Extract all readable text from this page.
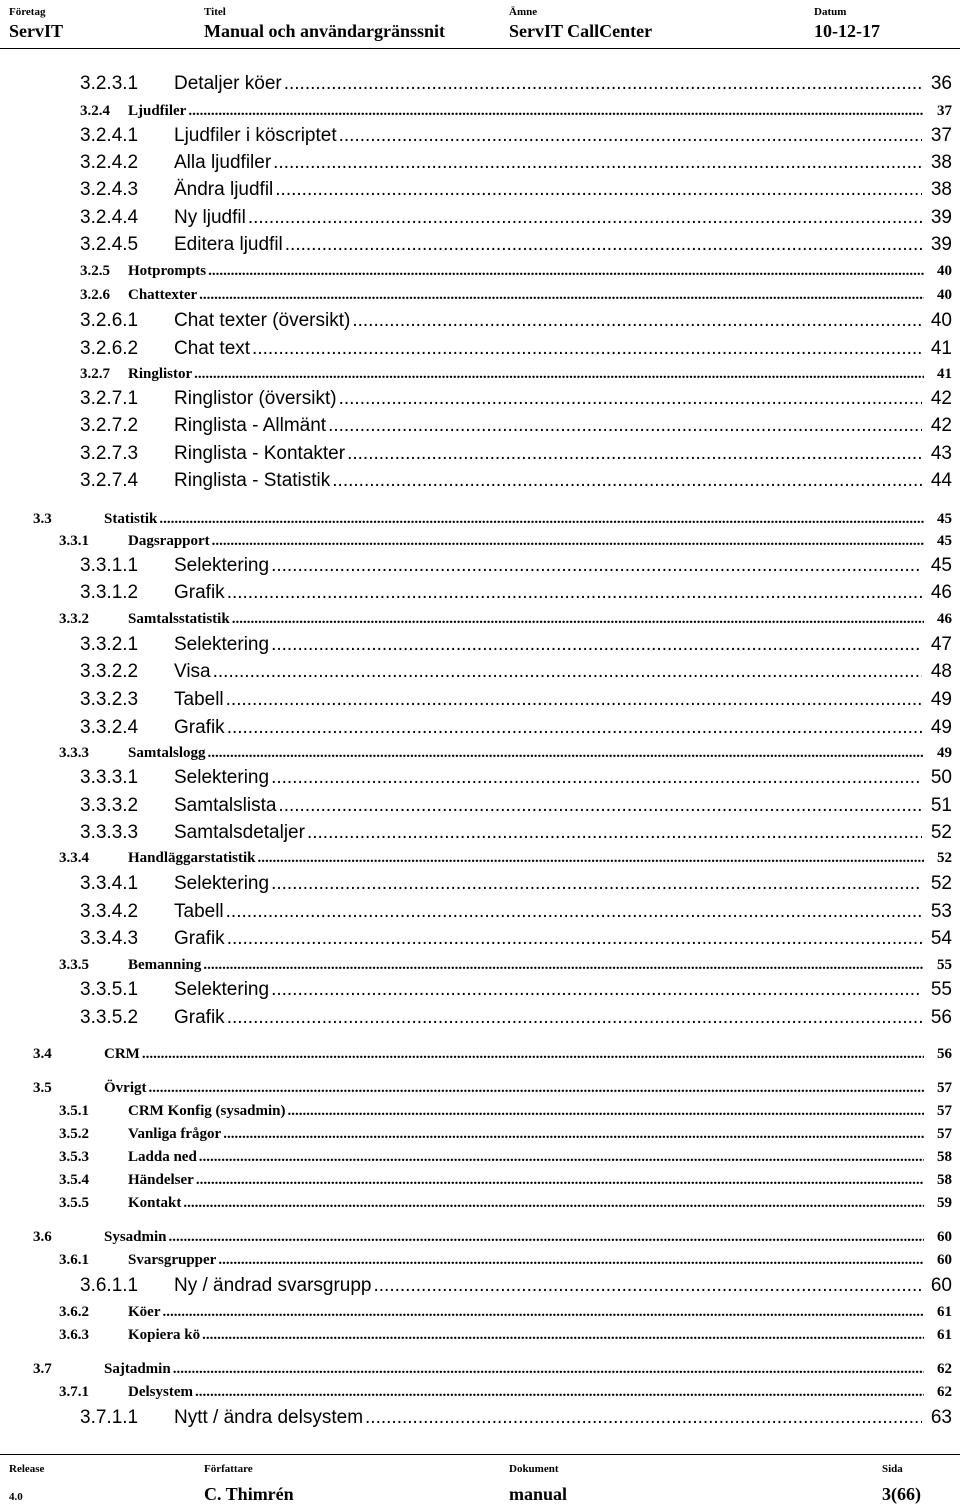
Företag
ServIT
Titel
Manual och användargränssnit
Ämne
ServIT CallCenter
Datum
10-12-17
3.2.3.1 Detaljer köer .....	36
3.2.4 Ljudfiler .....	37
3.2.4.1 Ljudfiler i köscriptet .....	37
3.2.4.2 Alla ljudfiler .....	38
3.2.4.3 Ändra ljudfil .....	38
3.2.4.4 Ny ljudfil .....	39
3.2.4.5 Editera ljudfil .....	39
3.2.5 Hotprompts .....	40
3.2.6 Chattexter .....	40
3.2.6.1 Chat texter (översikt) .....	40
3.2.6.2 Chat text .....	41
3.2.7 Ringlistor .....	41
3.2.7.1 Ringlistor (översikt) .....	42
3.2.7.2 Ringlista - Allmänt .....	42
3.2.7.3 Ringlista - Kontakter .....	43
3.2.7.4 Ringlista - Statistik .....	44
3.3	Statistik .....	45
3.3.1	Dagsrapport .....	45
3.3.1.1 Selektering .....	45
3.3.1.2 Grafik .....	46
3.3.2	Samtalsstatistik .....	46
3.3.2.1 Selektering .....	47
3.3.2.2 Visa .....	48
3.3.2.3 Tabell .....	49
3.3.2.4 Grafik .....	49
3.3.3	Samtalslogg .....	49
3.3.3.1 Selektering .....	50
3.3.3.2 Samtalslista .....	51
3.3.3.3 Samtalsdetaljer .....	52
3.3.4	Handläggarstatistik .....	52
3.3.4.1 Selektering .....	52
3.3.4.2 Tabell .....	53
3.3.4.3 Grafik .....	54
3.3.5	Bemanning .....	55
3.3.5.1 Selektering .....	55
3.3.5.2 Grafik .....	56
3.4	CRM .....	56
3.5	Övrigt .....	57
3.5.1	CRM Konfig (sysadmin) .....	57
3.5.2	Vanliga frågor .....	57
3.5.3	Ladda ned .....	58
3.5.4	Händelser .....	58
3.5.5	Kontakt .....	59
3.6	Sysadmin .....	60
3.6.1	Svarsgrupper .....	60
3.6.1.1 Ny / ändrad svarsgrupp .....	60
3.6.2	Köer .....	61
3.6.3	Kopiera kö .....	61
3.7	Sajtadmin .....	62
3.7.1	Delsystem .....	62
3.7.1.1 Nytt / ändra delsystem .....	63
Release
4.0
Författare
C. Thimrén
Dokument
manual
Sida
3(66)
